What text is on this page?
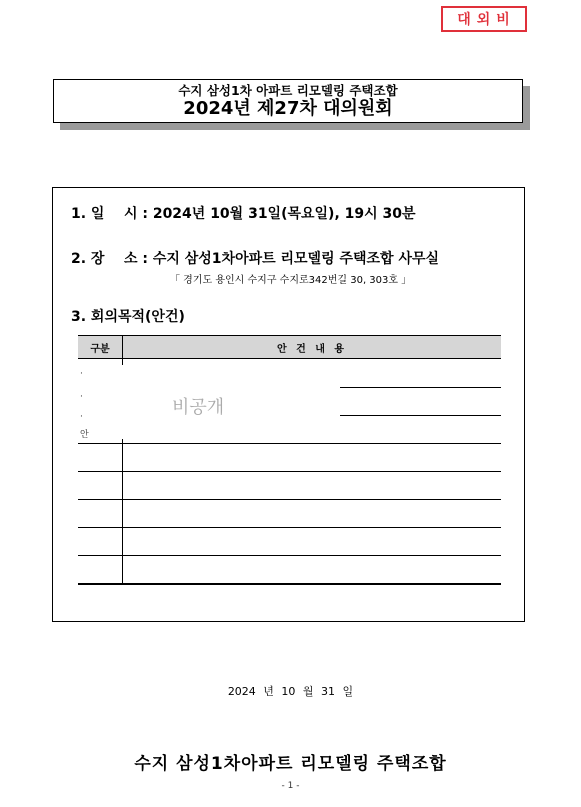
대외비
수지 삼성1차 아파트 리모델링 주택조합
2024년 제27차 대의원회
1. 일    시 : 2024년 10월 31일(목요일), 19시 30분
2. 장    소 : 수지 삼성1차아파트 리모델링 주택조합 사무실
「 경기도 용인시 수지구 수지로342번길 30, 303호 」
3. 회의목적(안건)
구분	안 건 내 용
·
·
·
안
비공개
2024 년 10 월 31 일
수지 삼성1차아파트 리모델링 주택조합
- 1 -
